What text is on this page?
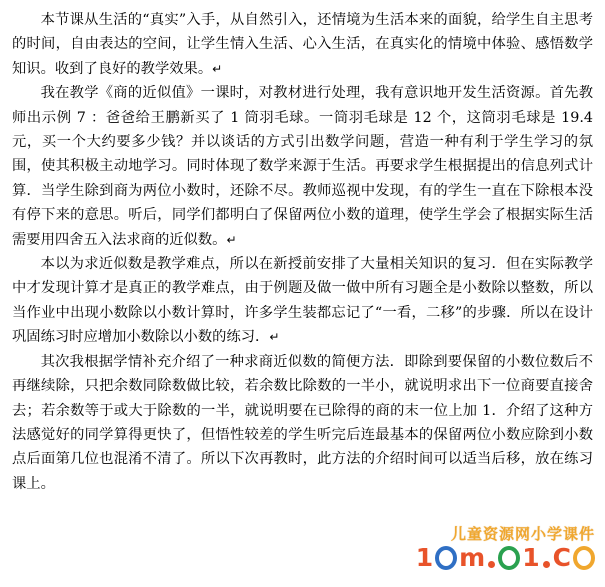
本节课从生活的“真实”入手，从自然引入，还情境为生活本来的面貌，给学生自主思考的时间，自由表达的空间，让学生情入生活、心入生活，在真实化的情境中体验、感悟数学知识。收到了良好的教学效果。↵

我在教学《商的近似值》一课时，对教材进行处理，我有意识地开发生活资源。首先教师出示例 7 ：爸爸给王鹏新买了 1 筒羽毛球。一筒羽毛球是 12 个，这筒羽毛球是 19.4 元，买一个大约要多少钱？并以谈话的方式引出数学问题，营造一种有利于学生学习的氛围，使其积极主动地学习。同时体现了数学来源于生活。再要求学生根据提出的信息列式计算．当学生除到商为两位小数时，还除不尽。教师巡视中发现，有的学生一直在下除根本没有停下来的意思。听后，同学们都明白了保留两位小数的道理，使学生学会了根据实际生活需要用四舍五入法求商的近似数。↵

本以为求近似数是教学难点，所以在新授前安排了大量相关知识的复习．但在实际教学中才发现计算才是真正的教学难点，由于例题及做一做中所有习题全是小数除以整数，所以当作业中出现小数除以小数计算时，许多学生装都忘记了“一看，二移”的步骤．所以在设计巩固练习时应增加小数除以小数的练习．↵

其次我根据学情补充介绍了一种求商近似数的简便方法．即除到要保留的小数位数后不再继续除，只把余数同除数做比较，若余数比除数的一半小，就说明求出下一位商要直接舍去；若余数等于或大于除数的一半，就说明要在已除得的商的末一位上加 1．介绍了这种方法感觉好的同学算得更快了，但悟性较差的学生听完后连最基本的保留两位小数应除到小数点后面第几位也混淆不清了。所以下次再教时，此方法的介绍时间可以适当后移，放在练习课上。

儿童资源网小学课件
1 m 1 C
